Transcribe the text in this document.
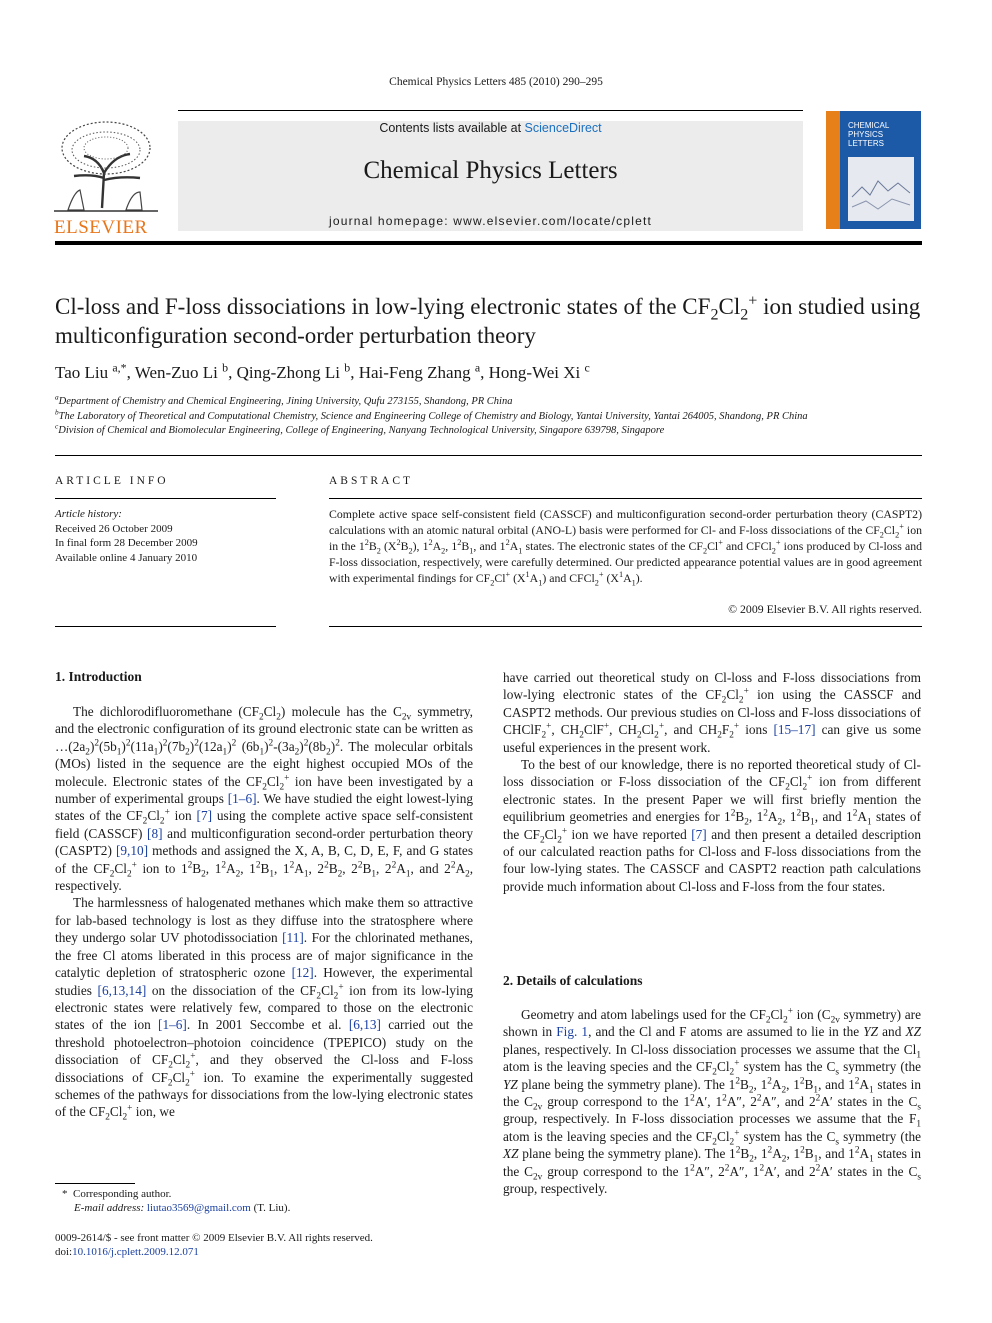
Chemical Physics Letters 485 (2010) 290–295
ELSEVIER
Contents lists available at ScienceDirect
Chemical Physics Letters
journal homepage: www.elsevier.com/locate/cplett
CHEMICAL PHYSICS LETTERS
Cl-loss and F-loss dissociations in low-lying electronic states of the $CF_2Cl_2^+$ ion studied using multiconfiguration second-order perturbation theory
Tao Liu $^{a,*}$, Wen-Zuo Li $^b$, Qing-Zhong Li $^b$, Hai-Feng Zhang $^a$, Hong-Wei Xi $^c$
$^a$Department of Chemistry and Chemical Engineering, Jining University, Qufu 273155, Shandong, PR China
$^b$The Laboratory of Theoretical and Computational Chemistry, Science and Engineering College of Chemistry and Biology, Yantai University, Yantai 264005, Shandong, PR China
$^c$Division of Chemical and Biomolecular Engineering, College of Engineering, Nanyang Technological University, Singapore 639798, Singapore
ARTICLE INFO
Article history:
Received 26 October 2009
In final form 28 December 2009
Available online 4 January 2010
ABSTRACT
Complete active space self-consistent field (CASSCF) and multiconfiguration second-order perturbation theory (CASPT2) calculations with an atomic natural orbital (ANO-L) basis were performed for Cl- and F-loss dissociations of the $CF_2Cl_2^+$ ion in the $1^2B_2$ $(X^2B_2)$, $1^2A_2$, $1^2B_1$, and $1^2A_1$ states. The electronic states of the $CF_2Cl^+$ and CFCl$_2$+ ions produced by Cl-loss and F-loss dissociation, respectively, were carefully determined. Our predicted appearance potential values are in good agreement with experimental findings for $CF_2Cl^+$ $(X^1A_1)$ and CFCl$_2$+ $(X^1A_1)$.
© 2009 Elsevier B.V. All rights reserved.
1. Introduction

The dichlorodifluoromethane $(CF_2Cl_2)$ molecule has the $C_{2v}$ symmetry, and the electronic configuration of its ground electronic state can be written as $\dots(2a_2)^2(5b_1)^2(11a_1)^2(7b_2)^2(12a_1)^2$ $(6b_1)^2-(3a_2)^2(8b_2)^2$. The molecular orbitals (MOs) listed in the sequence are the eight highest occupied MOs of the molecule. Electronic states of the $CF_2Cl_2^+$ ion have been investigated by a number of experimental groups [1–6]. We have studied the eight lowest-lying states of the $CF_2Cl_2^+$ ion [7] using the complete active space self-consistent field (CASSCF) [8] and multiconfiguration second-order perturbation theory (CASPT2) [9,10] methods and assigned the X, A, B, C, D, E, F, and G states of the $CF_2Cl_2^+$ ion to $1^2B_2$, $1^2A_2$, $1^2B_1$, $1^2A_1$, $2^2B_2$, $2^2B_1$, $2^2A_1$, and $2^2A_2$, respectively.

The harmlessness of halogenated methanes which make them so attractive for lab-based technology is lost as they diffuse into the stratosphere where they undergo solar UV photodissociation [11]. For the chlorinated methanes, the free Cl atoms liberated in this process are of major significance in the catalytic depletion of stratospheric ozone [12]. However, the experimental studies [6,13,14] on the dissociation of the $CF_2Cl_2^+$ ion from its low-lying electronic states were relatively few, compared to those on the electronic states of the ion [1–6]. In 2001 Seccombe et al. [6,13] carried out the threshold photoelectron–photoion coincidence (TPEPICO) study on the dissociation of $CF_2Cl_2^+$, and they observed the Cl-loss and F-loss dissociations of $CF_2Cl_2^+$ ion. To examine the experimentally suggested schemes of the pathways for dissociations from the low-lying electronic states of the $CF_2Cl_2^+$ ion, we

*  Corresponding author.
E-mail address: liutao3569@gmail.com (T. Liu).
0009-2614/$ - see front matter © 2009 Elsevier B.V. All rights reserved.
doi:10.1016/j.cplett.2009.12.071

have carried out theoretical study on Cl-loss and F-loss dissociations from low-lying electronic states of the $CF_2Cl_2^+$ ion using the CASSCF and CASPT2 methods. Our previous studies on Cl-loss and F-loss dissociations of CHClF$_2$+, $CH_2ClF^+$, $CH_2Cl_2^+$, and $CH_2F_2^+$ ions [15–17] can give us some useful experiences in the present work.

To the best of our knowledge, there is no reported theoretical study of Cl-loss dissociation or F-loss dissociation of the $CF_2Cl_2^+$ ion from different electronic states. In the present Paper we will first briefly mention the equilibrium geometries and energies for $1^2B_2$, $1^2A_2$, $1^2B_1$, and $1^2A_1$ states of the $CF_2Cl_2^+$ ion we have reported [7] and then present a detailed description of our calculated reaction paths for Cl-loss and F-loss dissociations from the four low-lying states. The CASSCF and CASPT2 reaction path calculations provide much information about Cl-loss and F-loss from the four states.

2. Details of calculations

Geometry and atom labelings used for the $CF_2Cl_2^+$ ion ($C_{2v}$ symmetry) are shown in Fig. 1, and the Cl and F atoms are assumed to lie in the YZ and XZ planes, respectively. In Cl-loss dissociation processes we assume that the $Cl_1$ atom is the leaving species and the $CF_2Cl_2^+$ system has the $C_s$ symmetry (the YZ plane being the symmetry plane). The $1^2B_2$, $1^2A_2$, $1^2B_1$, and $1^2A_1$ states in the $C_{2v}$ group correspond to the $1^2A'$, $1^2A''$, $2^2A''$, and $2^2A'$ states in the $C_s$ group, respectively. In F-loss dissociation processes we assume that the $F_1$ atom is the leaving species and the $CF_2Cl_2^+$ system has the $C_s$ symmetry (the XZ plane being the symmetry plane). The $1^2B_2$, $1^2A_2$, $1^2B_1$, and $1^2A_1$ states in the $C_{2v}$ group correspond to the $1^2A''$, $2^2A''$, $1^2A'$, and $2^2A'$ states in the $C_s$ group, respectively.
